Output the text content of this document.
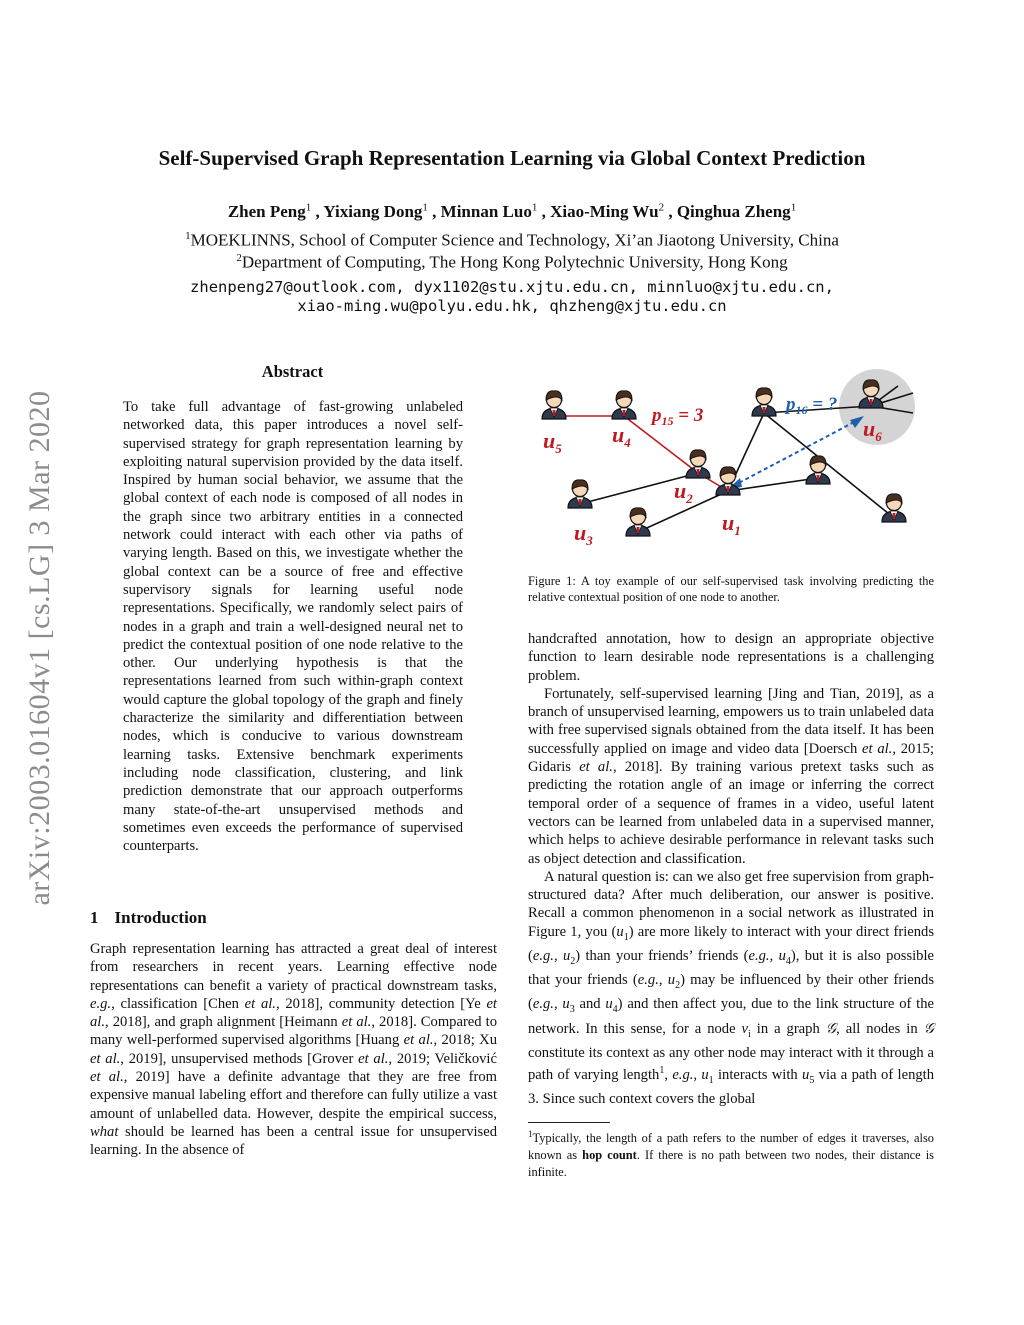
arXiv:2003.01604v1 [cs.LG] 3 Mar 2020
Self-Supervised Graph Representation Learning via Global Context Prediction
Zhen Peng$^1$ , Yixiang Dong$^1$ , Minnan Luo$^1$ , Xiao-Ming Wu$^2$ , Qinghua Zheng$^1$
$^1$MOEKLINNS, School of Computer Science and Technology, Xi’an Jiaotong University, China
$^2$Department of Computing, The Hong Kong Polytechnic University, Hong Kong
zhenpeng27@outlook.com, dyx1102@stu.xjtu.edu.cn, minnluo@xjtu.edu.cn,
xiao-ming.wu@polyu.edu.hk, qhzheng@xjtu.edu.cn
Abstract
To take full advantage of fast-growing unlabeled networked data, this paper introduces a novel self-supervised strategy for graph representation learning by exploiting natural supervision provided by the data itself. Inspired by human social behavior, we assume that the global context of each node is composed of all nodes in the graph since two arbitrary entities in a connected network could interact with each other via paths of varying length. Based on this, we investigate whether the global context can be a source of free and effective supervisory signals for learning useful node representations. Specifically, we randomly select pairs of nodes in a graph and train a well-designed neural net to predict the contextual position of one node relative to the other. Our underlying hypothesis is that the representations learned from such within-graph context would capture the global topology of the graph and finely characterize the similarity and differentiation between nodes, which is conducive to various downstream learning tasks. Extensive benchmark experiments including node classification, clustering, and link prediction demonstrate that our approach outperforms many state-of-the-art unsupervised methods and sometimes even exceeds the performance of supervised counterparts.
1 Introduction

Graph representation learning has attracted a great deal of interest from researchers in recent years. Learning effective node representations can benefit a variety of practical downstream tasks, e.g., classification [Chen et al., 2018], community detection [Ye et al., 2018], and graph alignment [Heimann et al., 2018]. Compared to many well-performed supervised algorithms [Huang et al., 2018; Xu et al., 2019], unsupervised methods [Grover et al., 2019; Veličković et al., 2019] have a definite advantage that they are free from expensive manual labeling effort and therefore can fully utilize a vast amount of unlabelled data. However, despite the empirical success, what should be learned has been a central issue for unsupervised learning. In the absence of

$u_5$
$u_4$
$u_2$
$u_1$
$u_3$
$u_6$
$p_{15} = 3$
$p_{16}$ = ?
Figure 1: A toy example of our self-supervised task involving predicting the relative contextual position of one node to another.

handcrafted annotation, how to design an appropriate objective function to learn desirable node representations is a challenging problem.

Fortunately, self-supervised learning [Jing and Tian, 2019], as a branch of unsupervised learning, empowers us to train unlabeled data with free supervised signals obtained from the data itself. It has been successfully applied on image and video data [Doersch et al., 2015; Gidaris et al., 2018]. By training various pretext tasks such as predicting the rotation angle of an image or inferring the correct temporal order of a sequence of frames in a video, useful latent vectors can be learned from unlabeled data in a supervised manner, which helps to achieve desirable performance in relevant tasks such as object detection and classification.

A natural question is: can we also get free supervision from graph-structured data? After much deliberation, our answer is positive. Recall a common phenomenon in a social network as illustrated in Figure 1, you $(u_1)$ are more likely to interact with your direct friends (e.g., $u_2$) than your friends’ friends (e.g., $u_4$), but it is also possible that your friends (e.g., $u_2$) may be influenced by their other friends (e.g., $u_3$ and $u_4$) and then affect you, due to the link structure of the network. In this sense, for a node $v_i$ in a graph 𝒢, all nodes in 𝒢 constitute its context as any other node may interact with it through a path of varying length$^1$, e.g., $u_1$ interacts with $u_5$ via a path of length 3. Since such context covers the global

$^1$Typically, the length of a path refers to the number of edges it traverses, also known as hop count. If there is no path between two nodes, their distance is infinite.
